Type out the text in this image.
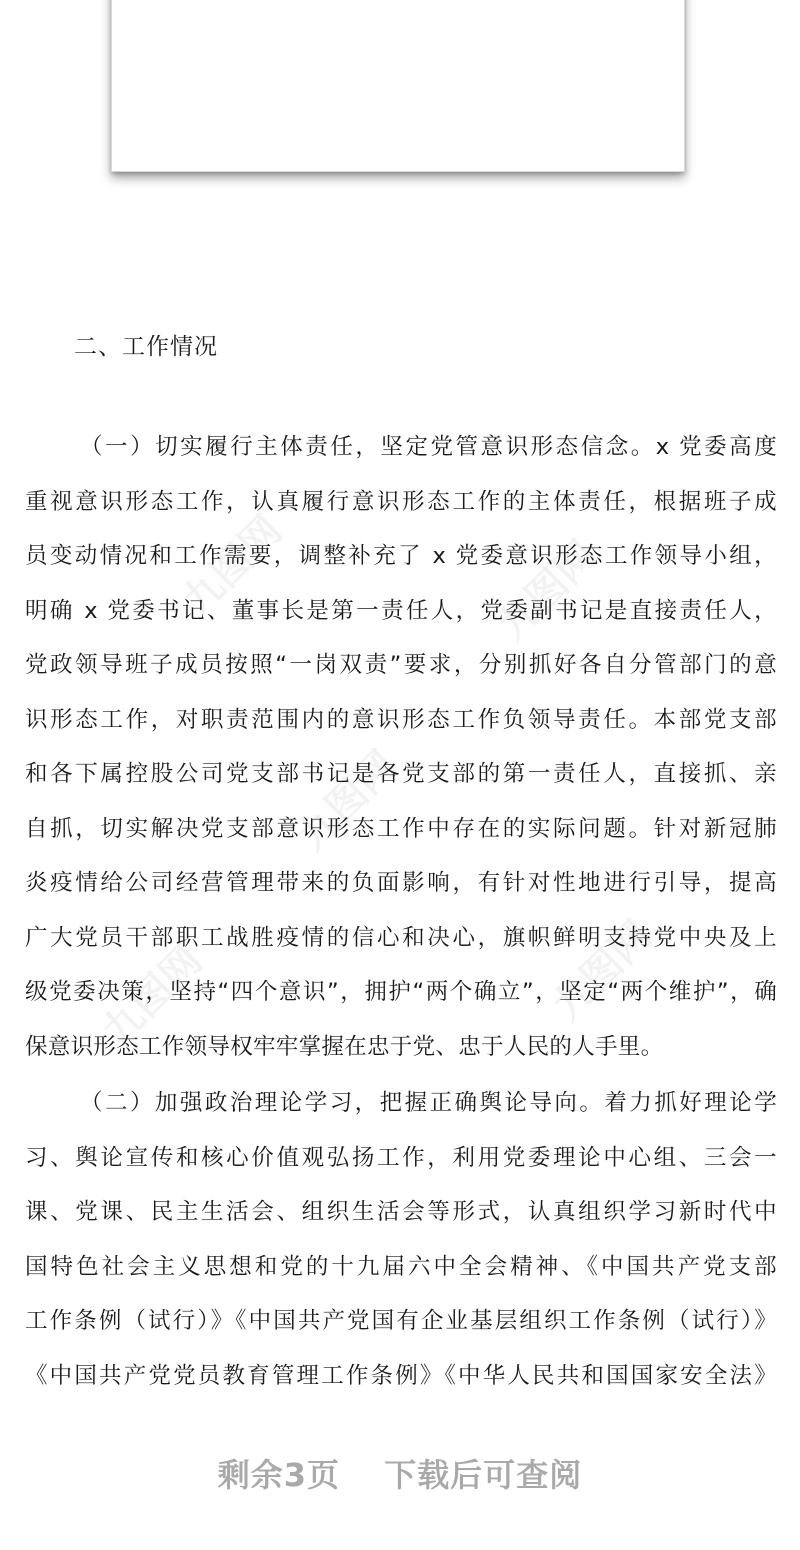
九图网	九图网
九图网
九图网	九图网
二、工作情况

（一）切实履行主体责任，坚定党管意识形态信念。x 党委高度
重视意识形态工作，认真履行意识形态工作的主体责任，根据班子成
员变动情况和工作需要，调整补充了 x 党委意识形态工作领导小组，
明确 x 党委书记、董事长是第一责任人，党委副书记是直接责任人，
党政领导班子成员按照“一岗双责”要求，分别抓好各自分管部门的意
识形态工作，对职责范围内的意识形态工作负领导责任。本部党支部
和各下属控股公司党支部书记是各党支部的第一责任人，直接抓、亲
自抓，切实解决党支部意识形态工作中存在的实际问题。针对新冠肺
炎疫情给公司经营管理带来的负面影响，有针对性地进行引导，提高
广大党员干部职工战胜疫情的信心和决心，旗帜鲜明支持党中央及上
级党委决策，坚持“四个意识”，拥护“两个确立”，坚定“两个维护”，确
保意识形态工作领导权牢牢掌握在忠于党、忠于人民的人手里。

（二）加强政治理论学习，把握正确舆论导向。着力抓好理论学
习、舆论宣传和核心价值观弘扬工作，利用党委理论中心组、三会一
课、党课、民主生活会、组织生活会等形式，认真组织学习新时代中
国特色社会主义思想和党的十九届六中全会精神、《中国共产党支部
工作条例（试行）》《中国共产党国有企业基层组织工作条例（试行）》
《中国共产党党员教育管理工作条例》《中华人民共和国国家安全法》

剩余3页 下载后可查阅
